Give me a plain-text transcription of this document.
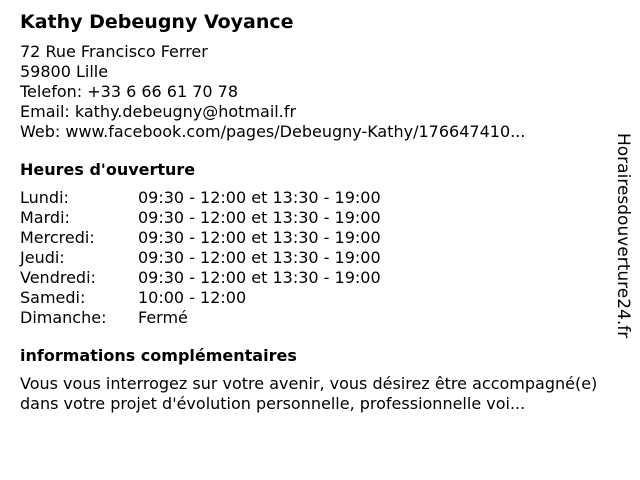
Kathy Debeugny Voyance
72 Rue Francisco Ferrer
59800 Lille
Telefon: +33 6 66 61 70 78
Email: kathy.debeugny@hotmail.fr
Web: www.facebook.com/pages/Debeugny-Kathy/176647410...
Heures d'ouverture
Lundi:	09:30 - 12:00 et 13:30 - 19:00
Mardi:	09:30 - 12:00 et 13:30 - 19:00
Mercredi:	09:30 - 12:00 et 13:30 - 19:00
Jeudi:	09:30 - 12:00 et 13:30 - 19:00
Vendredi:	09:30 - 12:00 et 13:30 - 19:00
Samedi:	10:00 - 12:00
Dimanche:	Fermé
informations complémentaires
Vous vous interrogez sur votre avenir, vous désirez être accompagné(e) dans votre projet d'évolution personnelle, professionnelle voi...
Horairesdouverture24.fr
